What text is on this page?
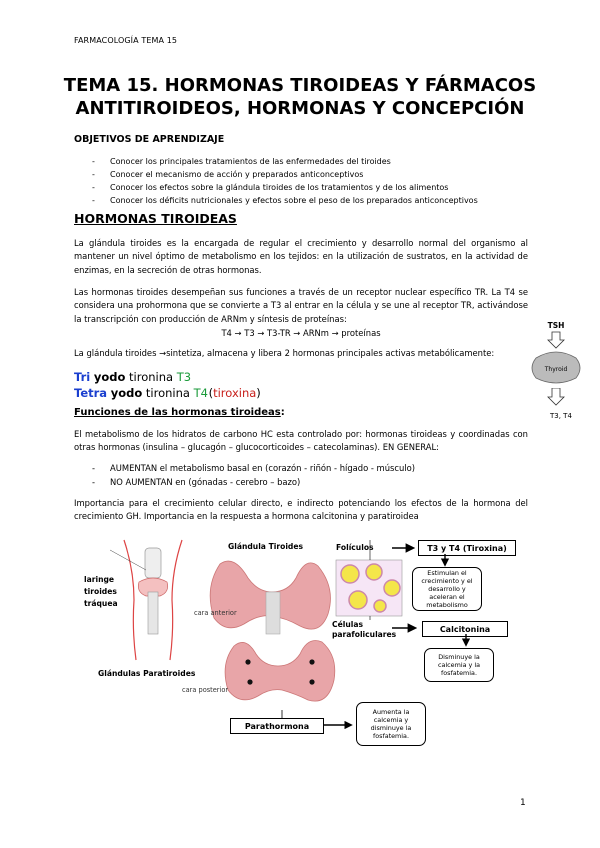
FARMACOLOGÍA TEMA 15
TEMA 15. HORMONAS TIROIDEAS Y FÁRMACOS
ANTITIROIDEOS, HORMONAS Y CONCEPCIÓN
OBJETIVOS DE APRENDIZAJE
- Conocer los principales tratamientos de las enfermedades del tiroides
- Conocer el mecanismo de acción y preparados anticonceptivos
- Conocer los efectos sobre la glándula tiroides de los tratamientos y de los alimentos
- Conocer los déficits nutricionales y efectos sobre el peso de los preparados anticonceptivos
HORMONAS TIROIDEAS
La glándula tiroides es la encargada de regular el crecimiento y desarrollo normal del organismo al mantener un nivel óptimo de metabolismo en los tejidos: en la utilización de sustratos, en la actividad de enzimas, en la secreción de otras hormonas.
Las hormonas tiroides desempeñan sus funciones a través de un receptor nuclear específico TR. La T4 se considera una prohormona que se convierte a T3 al entrar en la célula y se une al receptor TR, activándose la transcripción con producción de ARNm y síntesis de proteínas:
T4 → T3 → T3-TR → ARNm → proteínas
La glándula tiroides →sintetiza, almacena y libera 2 hormonas principales activas metabólicamente:
Tri yodo tironina T3
Tetra yodo tironina T4 (tiroxina)
TSH
Thyroid
T3, T4
Funciones de las hormonas tiroideas:
El metabolismo de los hidratos de carbono HC esta controlado por: hormonas tiroideas y coordinadas con otras hormonas (insulina – glucagón – glucocorticoides – catecolaminas). EN GENERAL:
- AUMENTAN el metabolismo basal en (corazón - riñón - hígado - músculo)
- NO AUMENTAN en (gónadas - cerebro – bazo)
Importancia para el crecimiento celular directo, e indirecto potenciando los efectos de la hormona del crecimiento GH. Importancia en la respuesta a hormona calcitonina y paratiroidea
Glándula Tiroides	Folículos
laringe
tiroides
tráquea
cara anterior
Células
parafoliculares
T3 y T4 (Tiroxina)
Estimulan el crecimiento y el desarrollo y aceleran el metabolismo
Calcitonina
Disminuye la calcemia y la fosfatemia.
Glándulas Paratiroides
cara posterior
Parathormona
Aumenta la calcemia y disminuye la fosfatemia.
1
